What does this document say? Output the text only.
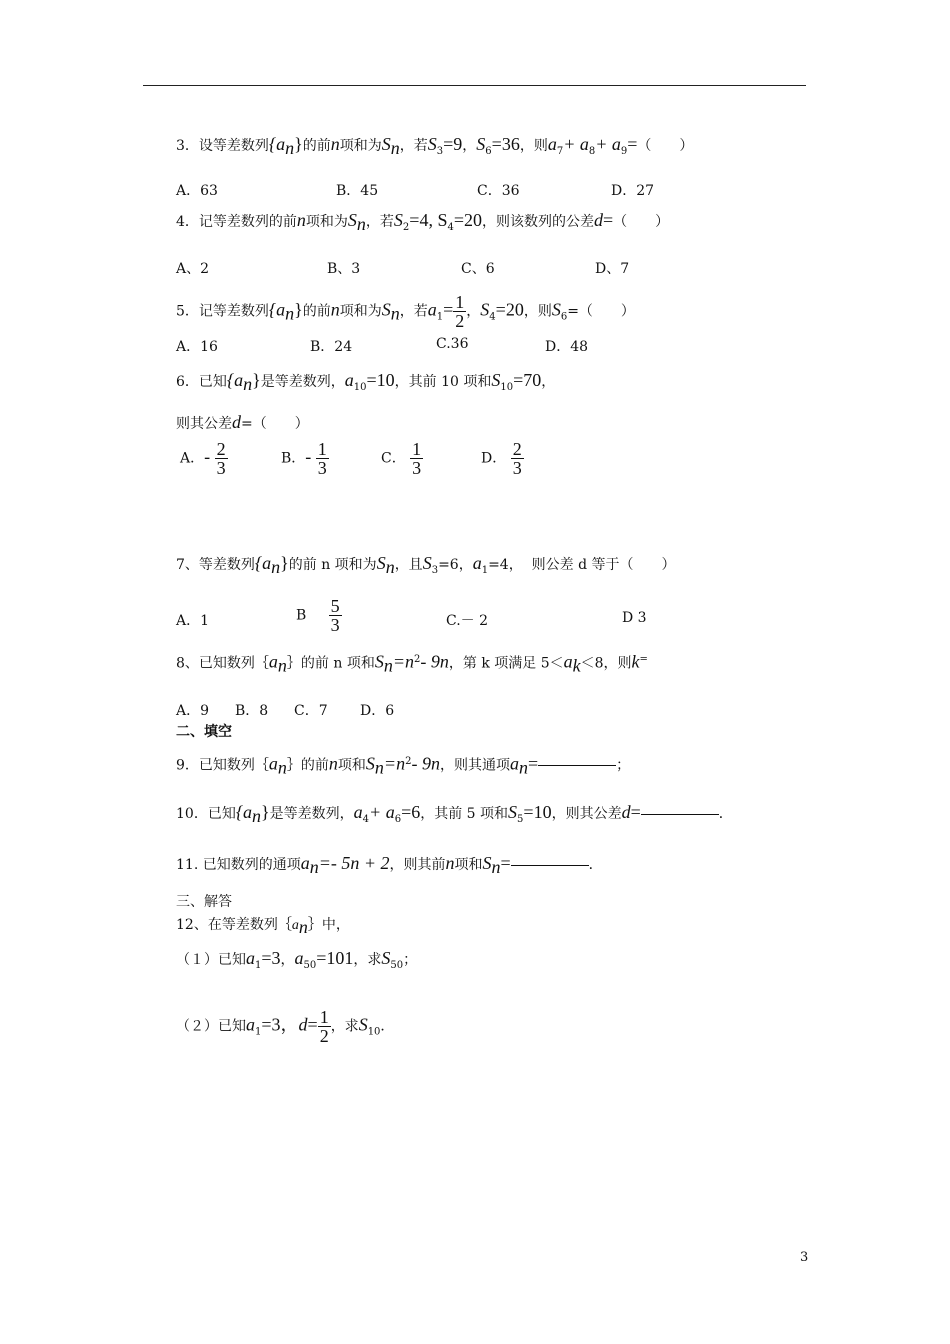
3．设等差数列$\{a_n\}$的前n项和为$S_n$，若$S_3=9$，$S_6=36$，则$a_7+ a_8+ a_9=$（　　）
A．63	B．45	C．36	D．27
4．记等差数列的前n项和为$S_n$，若$S_2=4$, $S_4=20$，则该数列的公差d=（　　）
A、2	B、3	C、6	D、7
5．记等差数列$\{a_n\}$的前n项和为$S_n$，若$a_1= \frac{1}{2}$ ，$S_4=20$，则$S_6=$（　　）
A．16	B．24	C.36	D．48
6．已知$\{a_n\}$是等差数列，$a_{10}=10$，其前 10 项和$S_{10}=70$，
则其公差d=（　　）
A．- $\frac{2}{3}$	B．- $\frac{1}{3}$	C． $\frac{1}{3}$	D． $\frac{2}{3}$
7、等差数列$\{a_n\}$的前 n 项和为$S_n$，且$S_3=6$，$a_1=4$， 则公差 d 等于（　　）
A．1	B $\frac{5}{3}$	C.－ 2	D 3
8、已知数列$\{a_n\}$的前 n 项和$S_n=n^2-$ 9n，第 k 项满足 $5<a_k<8$，则k=
A．9 B．8 C．7 D．6
二、填空
9．已知数列$\{a_n\}$的前n项和$S_n=n^2-$ 9n，则其通项$a_n=$	；
10．已知$\{a_n\}$是等差数列，$a_4+ a_6=6$，其前 5 项和$S_5=10$，则其公差d=	．
11. 已知数列的通项$a_n=-$ 5n + 2，则其前n项和$S_n=$	．
三、解答
12、在等差数列$\{a_n\}$中，
（１）已知$a_1=3$，$a_{50}=101$，求$S_{50}$；
（２）已知$a_1=3$，$d= \frac{1}{2}$ ，求$S_{10}$．
3
